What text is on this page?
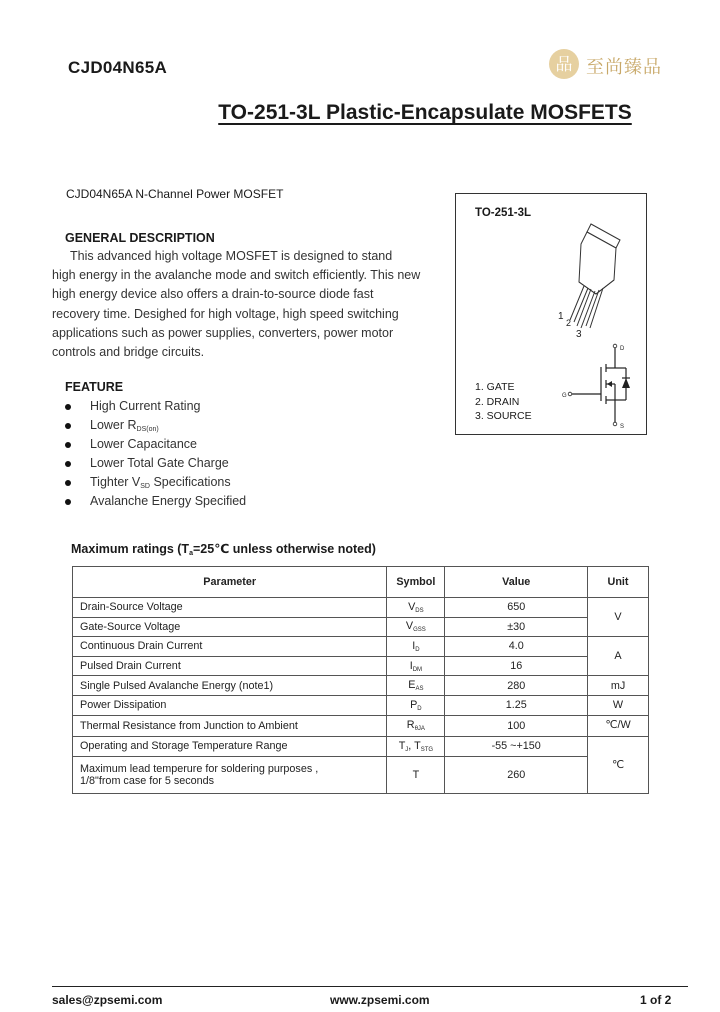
CJD04N65A	品 至尚臻品
TO-251-3L Plastic-Encapsulate MOSFETS
CJD04N65A N-Channel Power MOSFET
GENERAL DESCRIPTION
This advanced high voltage MOSFET is designed to stand
high energy in the avalanche mode and switch efficiently. This new
high energy device also offers a drain-to-source diode fast
recovery time. Desighed for high voltage, high speed switching
applications such as power supplies, converters, power motor
controls and bridge circuits.
FEATURE
High Current Rating
Lower $R_{DS(on)}$
Lower Capacitance
Lower Total Gate Charge
Tighter $V_{SD}$ Specifications
Avalanche Energy Specified
TO-251-3L
1
2
3
D
G
S
1. GATE
2. DRAIN
3. SOURCE
Maximum ratings ($T_a=25℃$ unless otherwise noted)
Parameter	Symbol	Value	Unit
Drain-Source Voltage	$V_{DS}$	650	V
Gate-Source Voltage	$V_{GSS}$	±30	
Continuous Drain Current	$I_D$	4.0	A
Pulsed Drain Current	$I_{DM}$	16	
Single Pulsed Avalanche Energy (note1)	$E_{AS}$	280	mJ
Power Dissipation	$P_D$	1.25	W
Thermal Resistance from Junction to Ambient	$R_{\theta JA}$	100	℃/W
Operating and Storage Temperature Range	$T_J$, $T_{STG}$	-55 ~+150	℃

Maximum lead temperure for soldering purposes ,
1/8"from case for 5 seconds	T	260	
sales@zpsemi.com	www.zpsemi.com	1 of 2
